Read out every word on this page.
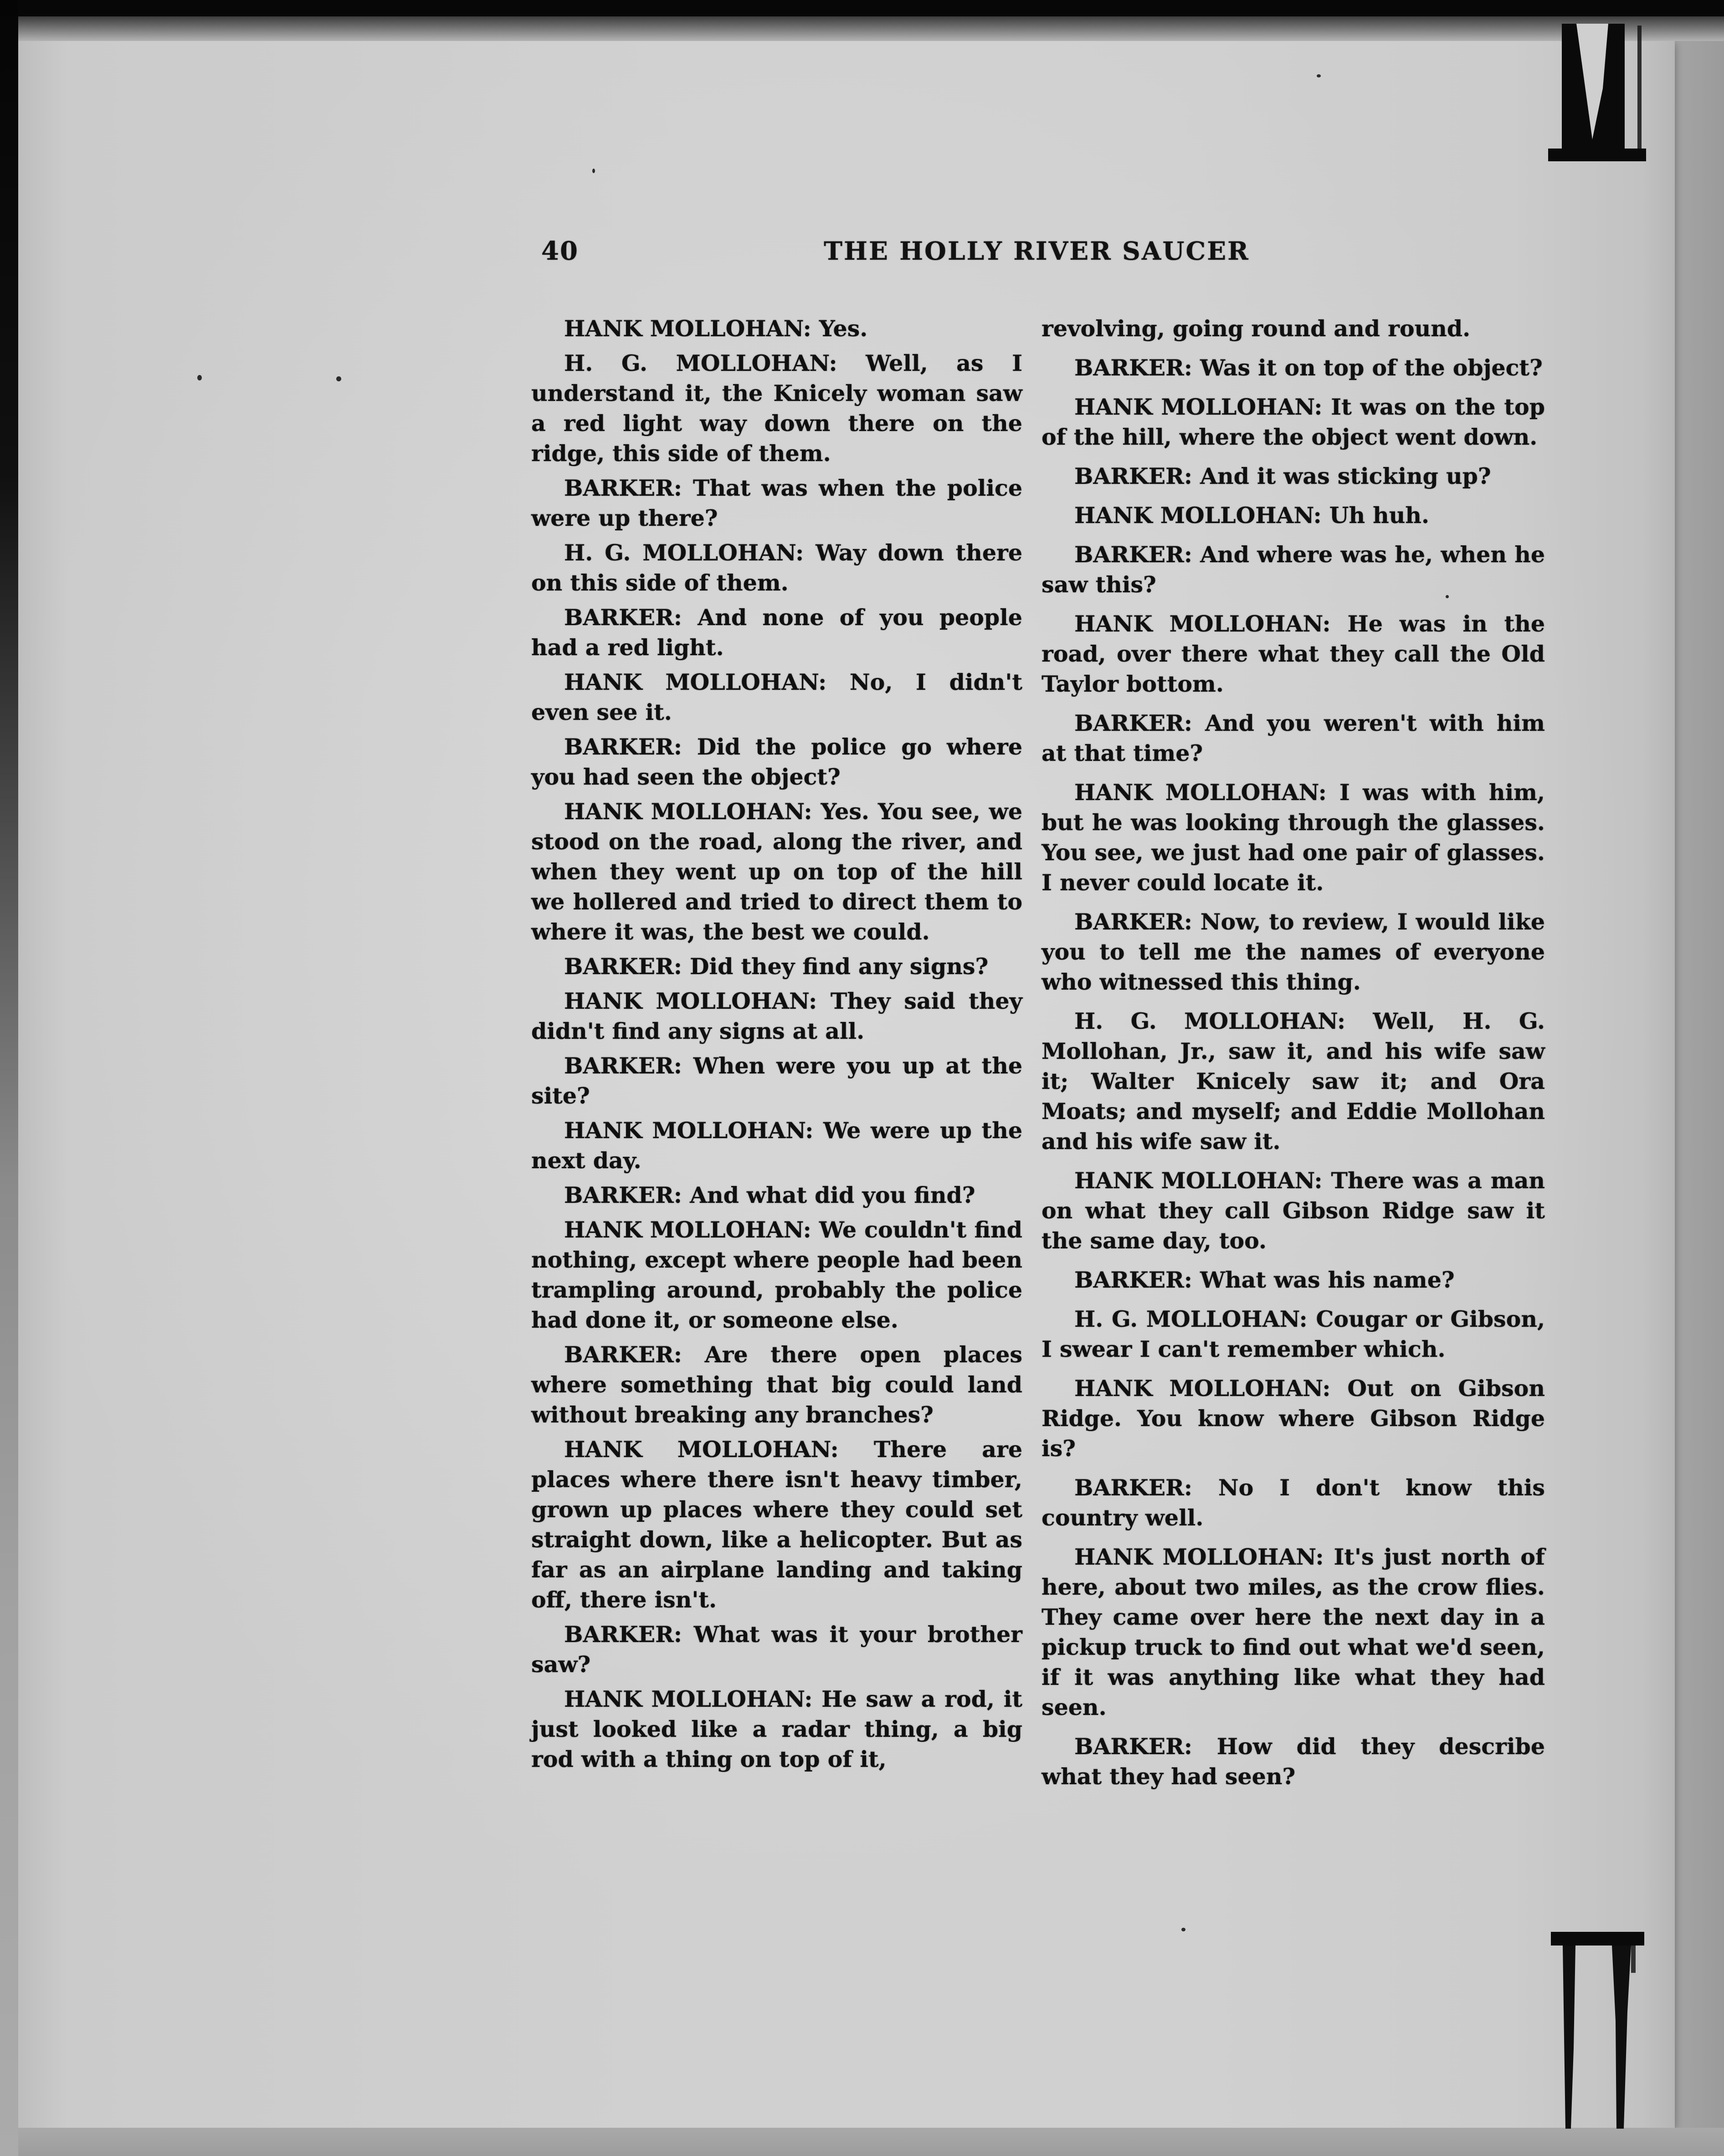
40	THE HOLLY RIVER SAUCER

HANK MOLLOHAN: Yes.

H. G. MOLLOHAN: Well, as I understand it, the Knicely woman saw a red light way down there on the ridge, this side of them.

BARKER: That was when the police were up there?

H. G. MOLLOHAN: Way down there on this side of them.

BARKER: And none of you people had a red light.

HANK MOLLOHAN: No, I didn't even see it.

BARKER: Did the police go where you had seen the object?

HANK MOLLOHAN: Yes. You see, we stood on the road, along the river, and when they went up on top of the hill we hollered and tried to direct them to where it was, the best we could.

BARKER: Did they find any signs?

HANK MOLLOHAN: They said they didn't find any signs at all.

BARKER: When were you up at the site?

HANK MOLLOHAN: We were up the next day.

BARKER: And what did you find?

HANK MOLLOHAN: We couldn't find nothing, except where people had been trampling around, probably the police had done it, or someone else.

BARKER: Are there open places where something that big could land without breaking any branches?

HANK MOLLOHAN: There are places where there isn't heavy timber, grown up places where they could set straight down, like a helicopter. But as far as an airplane landing and taking off, there isn't.

BARKER: What was it your brother saw?

HANK MOLLOHAN: He saw a rod, it just looked like a radar thing, a big rod with a thing on top of it,

revolving, going round and round.

BARKER: Was it on top of the object?

HANK MOLLOHAN: It was on the top of the hill, where the object went down.

BARKER: And it was sticking up?

HANK MOLLOHAN: Uh huh.

BARKER: And where was he, when he saw this?

HANK MOLLOHAN: He was in the road, over there what they call the Old Taylor bottom.

BARKER: And you weren't with him at that time?

HANK MOLLOHAN: I was with him, but he was looking through the glasses. You see, we just had one pair of glasses. I never could locate it.

BARKER: Now, to review, I would like you to tell me the names of everyone who witnessed this thing.

H. G. MOLLOHAN: Well, H. G. Mollohan, Jr., saw it, and his wife saw it; Walter Knicely saw it; and Ora Moats; and myself; and Eddie Mollohan and his wife saw it.

HANK MOLLOHAN: There was a man on what they call Gibson Ridge saw it the same day, too.

BARKER: What was his name?

H. G. MOLLOHAN: Cougar or Gibson, I swear I can't remember which.

HANK MOLLOHAN: Out on Gibson Ridge. You know where Gibson Ridge is?

BARKER: No I don't know this country well.

HANK MOLLOHAN: It's just north of here, about two miles, as the crow flies. They came over here the next day in a pickup truck to find out what we'd seen, if it was anything like what they had seen.

BARKER: How did they describe what they had seen?
